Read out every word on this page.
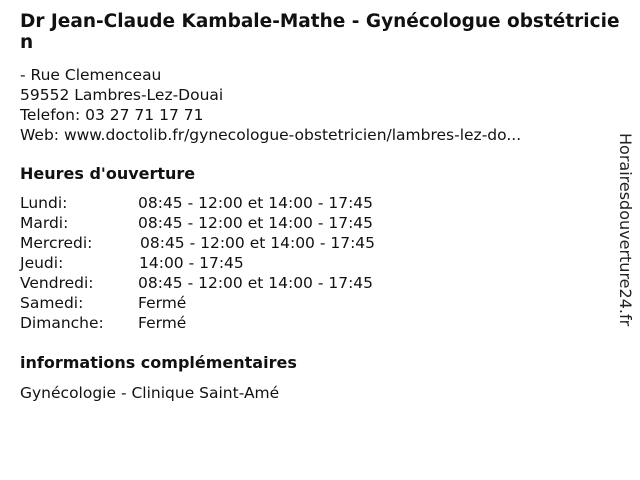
Dr Jean-Claude Kambale-Mathe - Gynécologue obstétricien
- Rue Clemenceau
59552 Lambres-Lez-Douai
Telefon: 03 27 71 17 71
Web: www.doctolib.fr/gynecologue-obstetricien/lambres-lez-do...
Heures d'ouverture
Lundi:	08:45 - 12:00 et 14:00 - 17:45
Mardi:	08:45 - 12:00 et 14:00 - 17:45
Mercredi:	08:45 - 12:00 et 14:00 - 17:45
Jeudi:	14:00 - 17:45
Vendredi:	08:45 - 12:00 et 14:00 - 17:45
Samedi:	Fermé
Dimanche:	Fermé
informations complémentaires
Gynécologie - Clinique Saint-Amé
Horairesdouverture24.fr
